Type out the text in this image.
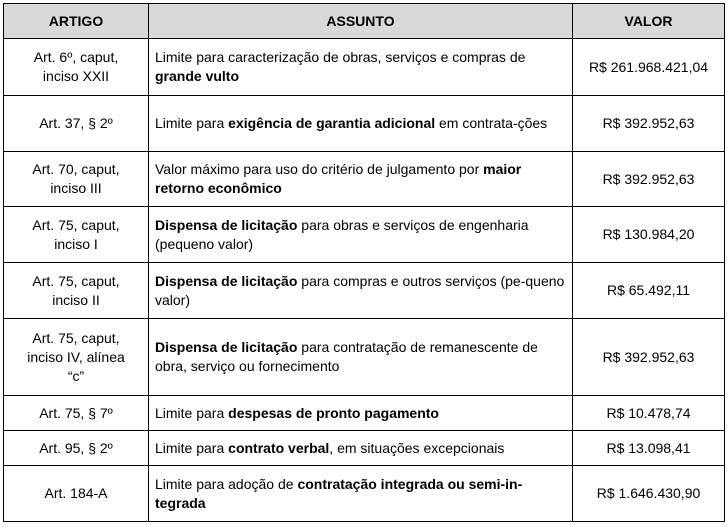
ARTIGO	ASSUNTO	VALOR
Art. 6º, caput,
inciso XXII	Limite para caracterização de obras, serviços e compras de grande vulto	R$ 261.968.421,04
Art. 37, § 2º	Limite para exigência de garantia adicional em contrata-ções	R$ 392.952,63
Art. 70, caput,
inciso III	Valor máximo para uso do critério de julgamento por maior retorno econômico	R$ 392.952,63
Art. 75, caput,
inciso I	Dispensa de licitação para obras e serviços de engenharia (pequeno valor)	R$ 130.984,20
Art. 75, caput,
inciso II	Dispensa de licitação para compras e outros serviços (pe-queno valor)	R$ 65.492,11
Art. 75, caput,
inciso IV, alínea
“c”	Dispensa de licitação para contratação de remanescente de obra, serviço ou fornecimento	R$ 392.952,63
Art. 75, § 7º	Limite para despesas de pronto pagamento	R$ 10.478,74
Art. 95, § 2º	Limite para contrato verbal, em situações excepcionais	R$ 13.098,41
Art. 184-A	Limite para adoção de contratação integrada ou semi-in-tegrada	R$ 1.646.430,90
